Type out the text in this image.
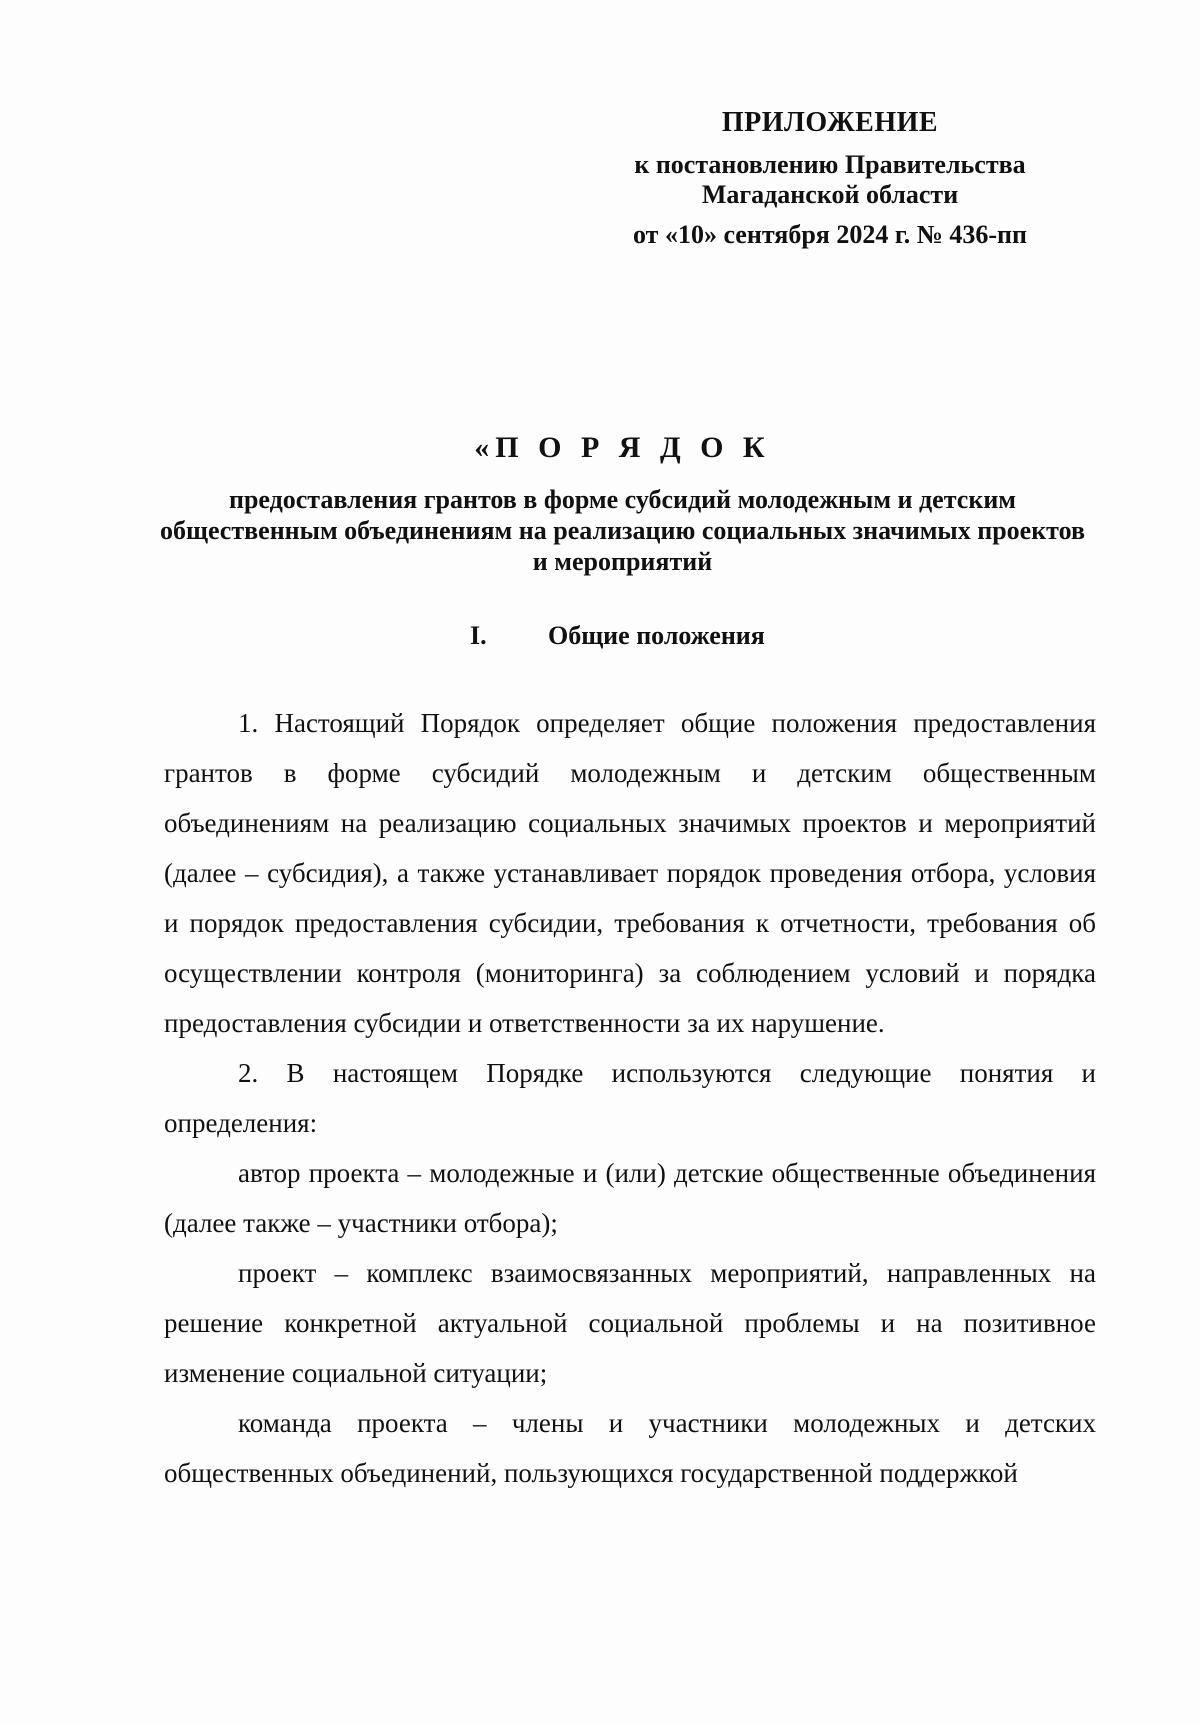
ПРИЛОЖЕНИЕ
к постановлению Правительства
Магаданской области
от «10» сентября 2024 г. № 436-пп
«П О Р Я Д О К
предоставления грантов в форме субсидий молодежным и детским общественным объединениям на реализацию социальных значимых проектов и мероприятий
I. Общие положения

1. Настоящий Порядок определяет общие положения предоставления грантов в форме субсидий молодежным и детским общественным объединениям на реализацию социальных значимых проектов и мероприятий (далее – субсидия), а также устанавливает порядок проведения отбора, условия и порядок предоставления субсидии, требования к отчетности, требования об осуществлении контроля (мониторинга) за соблюдением условий и порядка предоставления субсидии и ответственности за их нарушение.

2. В настоящем Порядке используются следующие понятия и определения:

автор проекта – молодежные и (или) детские общественные объединения (далее также – участники отбора);

проект – комплекс взаимосвязанных мероприятий, направленных на решение конкретной актуальной социальной проблемы и на позитивное изменение социальной ситуации;

команда проекта – члены и участники молодежных и детских общественных объединений, пользующихся государственной поддержкой
